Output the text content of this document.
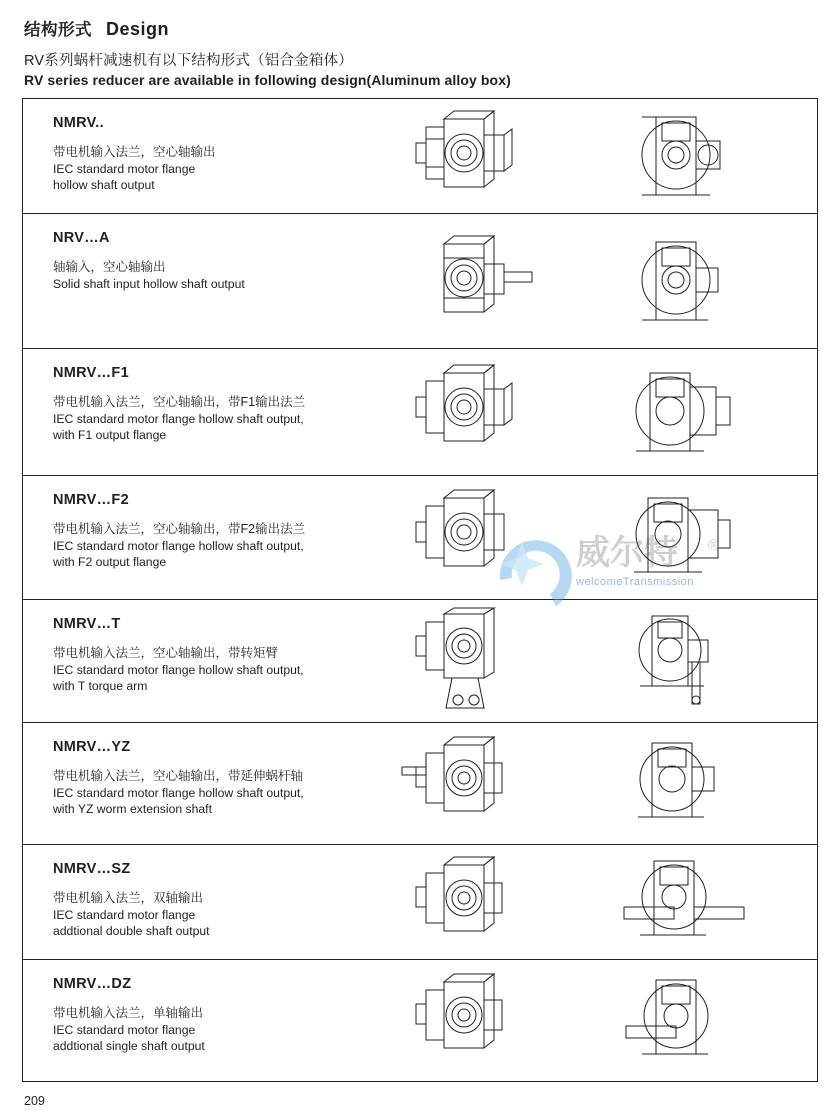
结构形式 Design
RV系列蜗杆减速机有以下结构形式（铝合金箱体）
RV series reducer are available in following design(Aluminum alloy box)
NMRV..
带电机输入法兰，空心轴输出
IEC standard motor flange
hollow shaft output
NRV…A
轴输入，空心轴输出
Solid shaft input hollow shaft output
NMRV…F1
带电机输入法兰，空心轴输出，带F1输出法兰
IEC standard motor flange hollow shaft output,
with F1 output flange
NMRV…F2
带电机输入法兰，空心轴输出，带F2输出法兰
IEC standard motor flange hollow shaft output,
with F2 output flange
NMRV…T
带电机输入法兰，空心轴输出，带转矩臂
IEC standard motor flange hollow shaft output,
with T torque arm
NMRV…YZ
带电机输入法兰，空心轴输出，带延伸蜗杆轴
IEC standard motor flange hollow shaft output,
with YZ worm extension shaft
NMRV…SZ
带电机输入法兰，双轴输出
IEC standard motor flange
addtional double shaft output
NMRV…DZ
带电机输入法兰，单轴输出
IEC standard motor flange
addtional single shaft output
威尔特 ®
welcomeTransmission
209
